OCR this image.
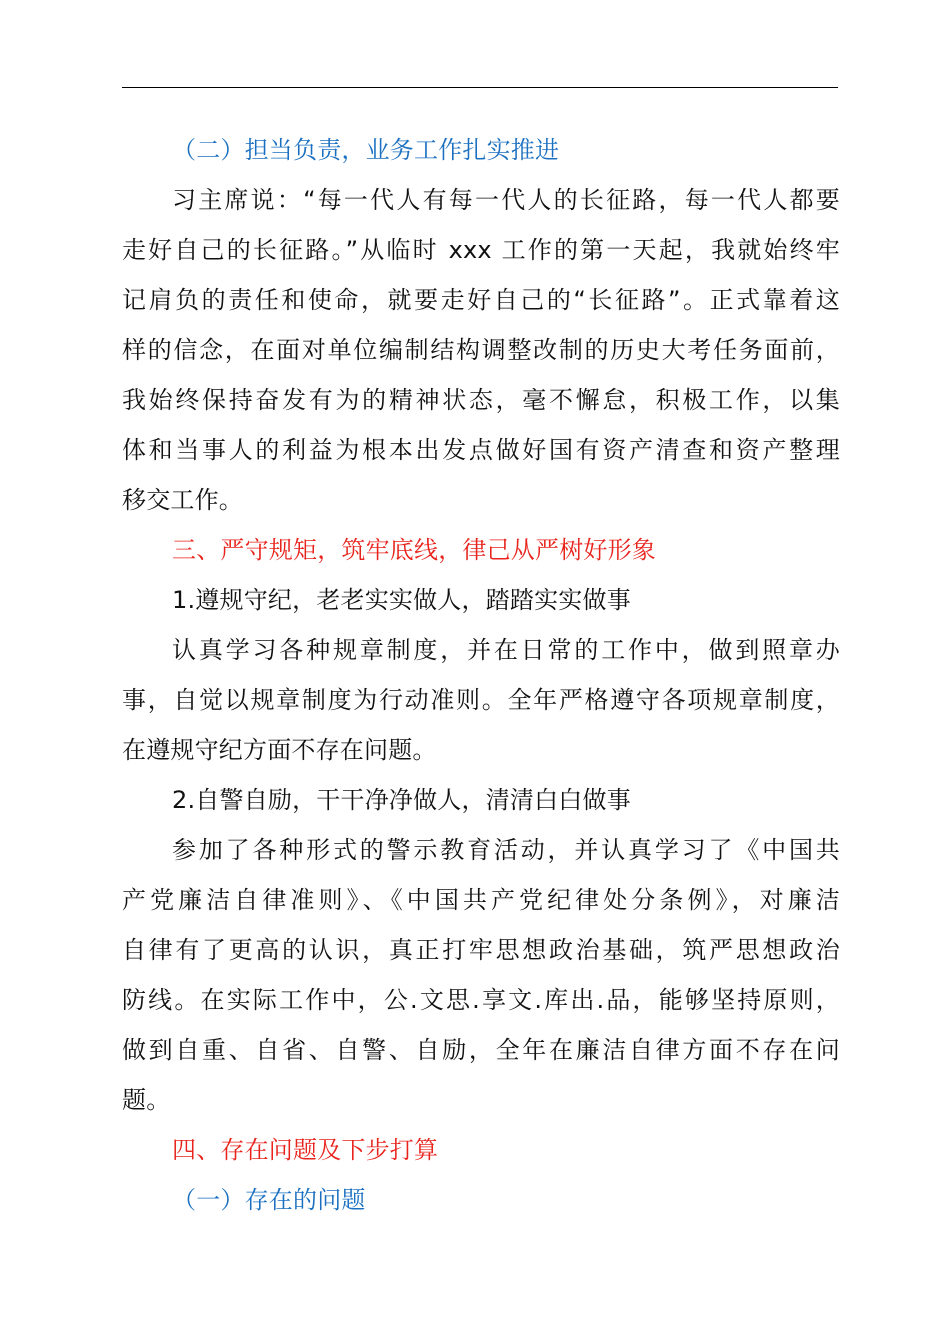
（二）担当负责，业务工作扎实推进
习主席说：“每一代人有每一代人的长征路，每一代人都要
走好自己的长征路。”从临时 xxx 工作的第一天起，我就始终牢
记肩负的责任和使命，就要走好自己的“长征路”。正式靠着这
样的信念，在面对单位编制结构调整改制的历史大考任务面前，
我始终保持奋发有为的精神状态，毫不懈怠，积极工作，以集
体和当事人的利益为根本出发点做好国有资产清查和资产整理
移交工作。
三、严守规矩，筑牢底线，律己从严树好形象
1.遵规守纪，老老实实做人，踏踏实实做事
认真学习各种规章制度，并在日常的工作中，做到照章办
事，自觉以规章制度为行动准则。全年严格遵守各项规章制度，
在遵规守纪方面不存在问题。
2.自警自励，干干净净做人，清清白白做事
参加了各种形式的警示教育活动，并认真学习了《中国共
产党廉洁自律准则》、《中国共产党纪律处分条例》，对廉洁
自律有了更高的认识，真正打牢思想政治基础，筑严思想政治
防线。在实际工作中，公.文思.享文.库出.品，能够坚持原则，
做到自重、自省、自警、自励，全年在廉洁自律方面不存在问
题。
四、存在问题及下步打算
（一）存在的问题
